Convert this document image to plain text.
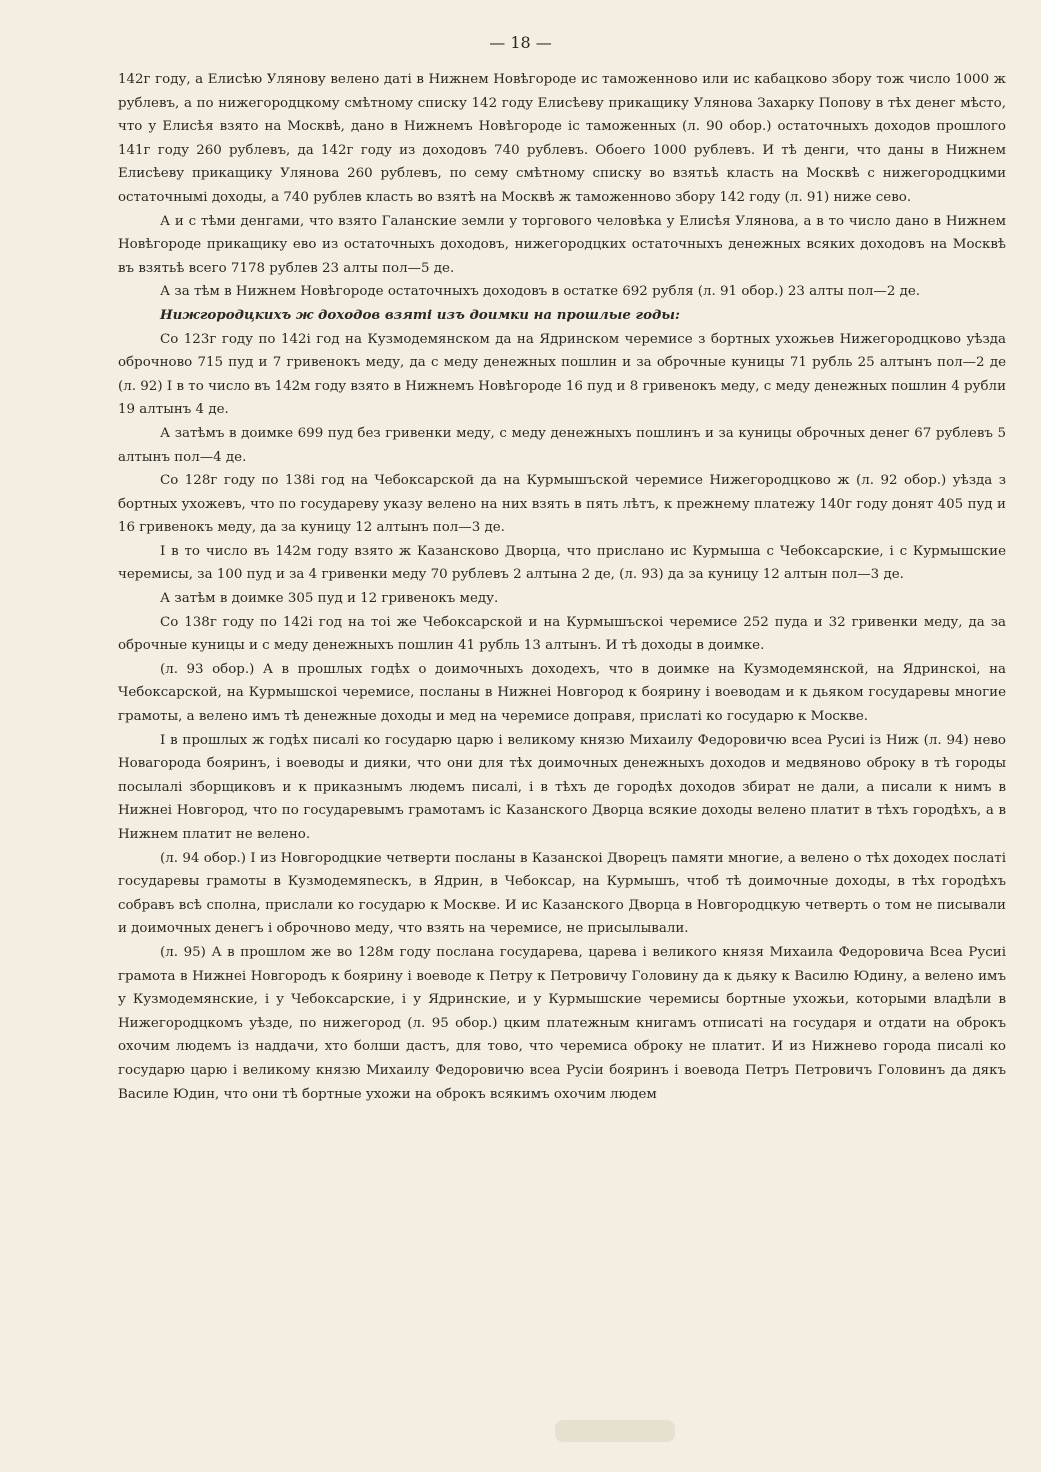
— 18 —

142г году, а Елисѣю Улянову велено даті в Нижнем Новѣгороде ис таможенново или ис кабацково збору тож число 1000 ж рублевъ, а по нижегородцкому смѣтному списку 142 году Елисѣеву прикащику Улянова Захарку Попову в тѣх денег мѣсто, что у Елисѣя взято на Москвѣ, дано в Нижнемъ Новѣгороде іс таможенных (л. 90 обор.) остаточныхъ доходов прошлого 141г году 260 рублевъ, да 142г году из доходовъ 740 рублевъ. Обоего 1000 рублевъ. И тѣ денги, что даны в Нижнем Елисѣеву прикащику Улянова 260 рублевъ, по сему смѣтному списку во взятьѣ класть на Москвѣ с нижегородцкими остаточнымі доходы, а 740 рублев класть во взятѣ на Москвѣ ж таможенново збору 142 году (л. 91) ниже сево.

А и с тѣми денгами, что взято Галанские земли у торгового человѣка у Елисѣя Улянова, а в то число дано в Нижнем Новѣгороде прикащику ево из остаточныхъ доходовъ, нижегородцких остаточныхъ денежных всяких доходовъ на Москвѣ въ взятьѣ всего 7178 рублев 23 алты пол—5 де.

А за тѣм в Нижнем Новѣгороде остаточныхъ доходовъ в остатке 692 рубля (л. 91 обор.) 23 алты пол—2 де.

Нижгородцкихъ ж доходов взяті изъ доимки на прошлые годы:

Со 123г году по 142і год на Кузмодемянском да на Ядринском черемисе з бортных ухожьев Нижегородцково уѣзда оброчново 715 пуд и 7 гривенокъ меду, да с меду денежных пошлин и за оброчные куницы 71 рубль 25 алтынъ пол—2 де (л. 92) І в то число въ 142м году взято в Нижнемъ Новѣгороде 16 пуд и 8 гривенокъ меду, с меду денежных пошлин 4 рубли 19 алтынъ 4 де.

А затѣмъ в доимке 699 пуд без гривенки меду, с меду денежныхъ пошлинъ и за куницы оброчных денег 67 рублевъ 5 алтынъ пол—4 де.

Со 128г году по 138і год на Чебоксарской да на Курмышъской черемисе Нижегородцково ж (л. 92 обор.) уѣзда з бортных ухожевъ, что по государеву указу велено на них взять в пять лѣтъ, к прежнему платежу 140г году донят 405 пуд и 16 гривенокъ меду, да за куницу 12 алтынъ пол—3 де.

І в то число въ 142м году взято ж Казансково Дворца, что прислано ис Курмыша с Чебоксарские, і с Курмышские черемисы, за 100 пуд и за 4 гривенки меду 70 рублевъ 2 алтына 2 де, (л. 93) да за куницу 12 алтын пол—3 де.

А затѣм в доимке 305 пуд и 12 гривенокъ меду.

Со 138г году по 142і год на тоі же Чебоксарской и на Курмышъскоі черемисе 252 пуда и 32 гривенки меду, да за оброчные куницы и с меду денежныхъ пошлин 41 рубль 13 алтынъ. И тѣ доходы в доимке.

(л. 93 обор.) А в прошлых годѣх о доимочныхъ доходехъ, что в доимке на Кузмодемянской, на Ядринскоі, на Чебоксарской, на Курмышскоі черемисе, посланы в Нижнеі Новгород к боярину і воеводам и к дьяком государевы многие грамоты, а велено имъ тѣ денежные доходы и мед на черемисе доправя, прислаті ко государю к Москве.

І в прошлых ж годѣх писалі ко государю царю і великому князю Михаилу Федоровичю всеа Русиі із Ниж (л. 94) нево Новагорода бояринъ, і воеводы и дияки, что они для тѣх доимочных денежныхъ доходов и медвяново оброку в тѣ городы посылалі зборщиковъ и к приказнымъ людемъ писалі, і в тѣхъ де городѣх доходов збират не дали, а писали к нимъ в Нижнеі Новгород, что по государевымъ грамотамъ іс Казанского Дворца всякие доходы велено платит в тѣхъ городѣхъ, а в Нижнем платит не велено.

(л. 94 обор.) І из Новгородцкие четверти посланы в Казанскоі Дворецъ памяти многие, а велено о тѣх доходех послаті государевы грамоты в Кузмодемяneскъ, в Ядрин, в Чебоксар, на Курмышъ, чтоб тѣ доимочные доходы, в тѣх городѣхъ собравъ всѣ сполна, прислали ко государю к Москве. И ис Казанского Дворца в Новгородцкую четверть о том не писывали и доимочных денегъ і оброчново меду, что взять на черемисе, не присылывали.

(л. 95) А в прошлом же во 128м году послана государева, царева і великого князя Михаила Федоровича Всеа Русиі грамота в Нижнеі Новгородъ к боярину і воеводе к Петру к Петровичу Головину да к дьяку к Василю Юдину, а велено имъ у Кузмодемянские, і у Чебоксарские, і у Ядринские, и у Курмышские черемисы бортные ухожьи, которыми владѣли в Нижегородцкомъ уѣзде, по нижегород (л. 95 обор.) цким платежным книгамъ отписаті на государя и отдати на оброкъ охочим людемъ із наддачи, хто болши дастъ, для тово, что черемиса оброку не платит. И из Нижнево города писалі ко государю царю і великому князю Михаилу Федоровичю всеа Русіи бояринъ і воевода Петръ Петровичъ Головинъ да дякъ Василе Юдин, что они тѣ бортные ухожи на оброкъ всякимъ охочим людем
